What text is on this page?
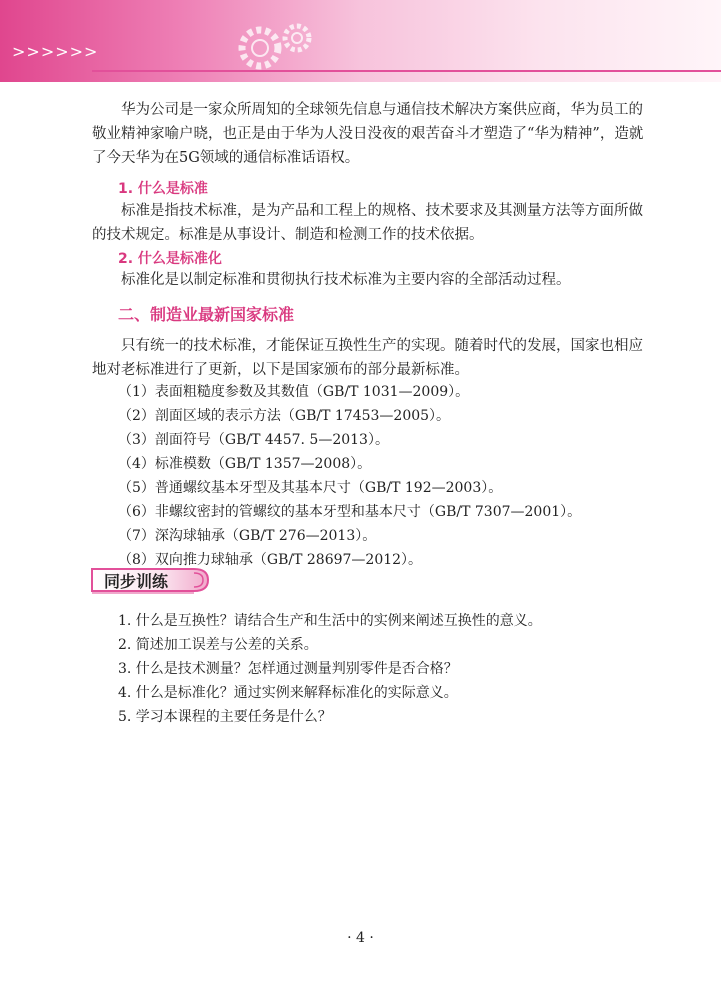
>>>>>>
华为公司是一家众所周知的全球领先信息与通信技术解决方案供应商，华为员工的敬业精神家喻户晓，也正是由于华为人没日没夜的艰苦奋斗才塑造了“华为精神”，造就了今天华为在5G领域的通信标准话语权。
1. 什么是标准
标准是指技术标准，是为产品和工程上的规格、技术要求及其测量方法等方面所做的技术规定。标准是从事设计、制造和检测工作的技术依据。
2. 什么是标准化
标准化是以制定标准和贯彻执行技术标准为主要内容的全部活动过程。
二、制造业最新国家标准
只有统一的技术标准，才能保证互换性生产的实现。随着时代的发展，国家也相应地对老标准进行了更新，以下是国家颁布的部分最新标准。
（1）表面粗糙度参数及其数值（GB/T 1031—2009）。
（2）剖面区域的表示方法（GB/T 17453—2005）。
（3）剖面符号（GB/T 4457. 5—2013）。
（4）标准模数（GB/T 1357—2008）。
（5）普通螺纹基本牙型及其基本尺寸（GB/T 192—2003）。
（6）非螺纹密封的管螺纹的基本牙型和基本尺寸（GB/T 7307—2001）。
（7）深沟球轴承（GB/T 276—2013）。
（8）双向推力球轴承（GB/T 28697—2012）。
同步训练
1. 什么是互换性？请结合生产和生活中的实例来阐述互换性的意义。
2. 简述加工误差与公差的关系。
3. 什么是技术测量？怎样通过测量判别零件是否合格？
4. 什么是标准化？通过实例来解释标准化的实际意义。
5. 学习本课程的主要任务是什么？
· 4 ·
